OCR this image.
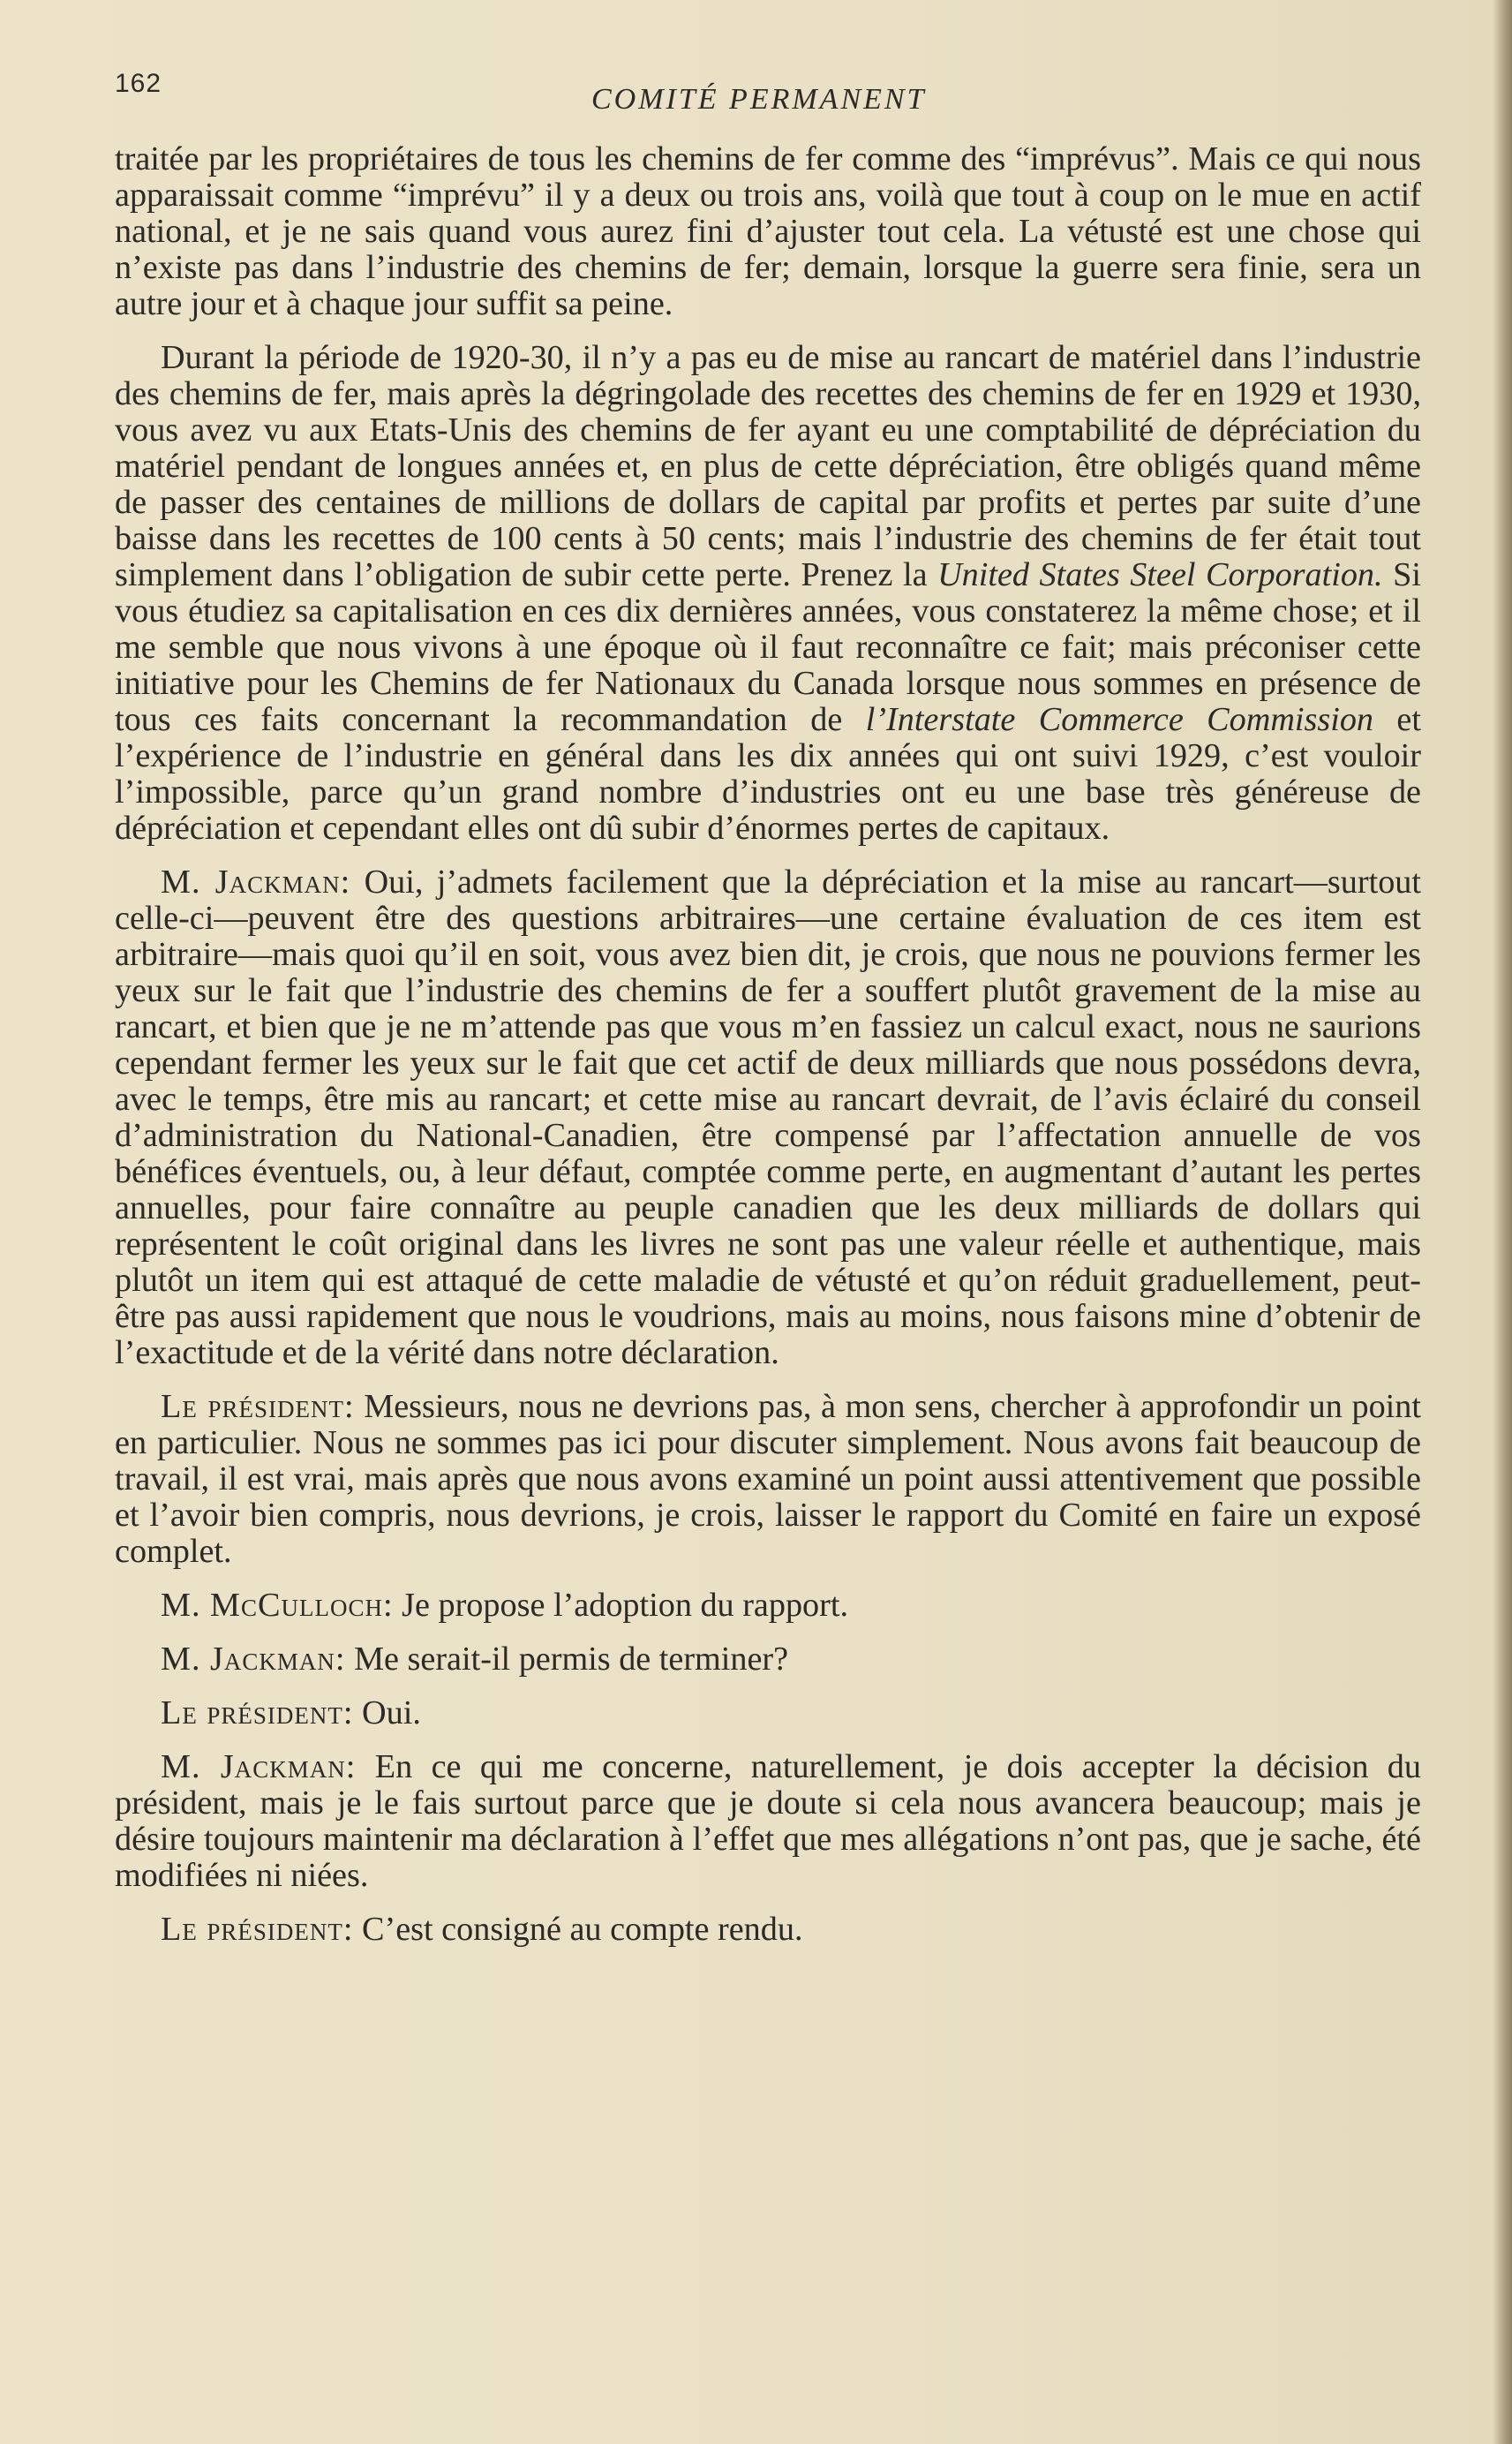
162	COMITÉ PERMANENT

traitée par les propriétaires de tous les chemins de fer comme des “imprévus”. Mais ce qui nous apparaissait comme “imprévu” il y a deux ou trois ans, voilà que tout à coup on le mue en actif national, et je ne sais quand vous aurez fini d’ajuster tout cela. La vétusté est une chose qui n’existe pas dans l’industrie des chemins de fer; demain, lorsque la guerre sera finie, sera un autre jour et à chaque jour suffit sa peine.

Durant la période de 1920-30, il n’y a pas eu de mise au rancart de matériel dans l’industrie des chemins de fer, mais après la dégringolade des recettes des chemins de fer en 1929 et 1930, vous avez vu aux Etats-Unis des chemins de fer ayant eu une comptabilité de dépréciation du matériel pendant de longues années et, en plus de cette dépréciation, être obligés quand même de passer des centaines de millions de dollars de capital par profits et pertes par suite d’une baisse dans les recettes de 100 cents à 50 cents; mais l’industrie des chemins de fer était tout simplement dans l’obligation de subir cette perte. Prenez la United States Steel Corporation. Si vous étudiez sa capitalisation en ces dix dernières années, vous constaterez la même chose; et il me semble que nous vivons à une époque où il faut reconnaître ce fait; mais préconiser cette initiative pour les Chemins de fer Nationaux du Canada lorsque nous sommes en présence de tous ces faits concernant la recommandation de l’Interstate Commerce Commission et l’expérience de l’industrie en général dans les dix années qui ont suivi 1929, c’est vouloir l’impossible, parce qu’un grand nombre d’industries ont eu une base très généreuse de dépréciation et cependant elles ont dû subir d’énormes pertes de capitaux.

M. Jackman: Oui, j’admets facilement que la dépréciation et la mise au rancart—surtout celle-ci—peuvent être des questions arbitraires—une certaine évaluation de ces item est arbitraire—mais quoi qu’il en soit, vous avez bien dit, je crois, que nous ne pouvions fermer les yeux sur le fait que l’industrie des chemins de fer a souffert plutôt gravement de la mise au rancart, et bien que je ne m’attende pas que vous m’en fassiez un calcul exact, nous ne saurions cependant fermer les yeux sur le fait que cet actif de deux milliards que nous possédons devra, avec le temps, être mis au rancart; et cette mise au rancart devrait, de l’avis éclairé du conseil d’administration du National-Canadien, être compensé par l’affectation annuelle de vos bénéfices éventuels, ou, à leur défaut, comptée comme perte, en augmentant d’autant les pertes annuelles, pour faire connaître au peuple canadien que les deux milliards de dollars qui représentent le coût original dans les livres ne sont pas une valeur réelle et authentique, mais plutôt un item qui est attaqué de cette maladie de vétusté et qu’on réduit graduellement, peut-être pas aussi rapidement que nous le voudrions, mais au moins, nous faisons mine d’obtenir de l’exactitude et de la vérité dans notre déclaration.

Le président: Messieurs, nous ne devrions pas, à mon sens, chercher à approfondir un point en particulier. Nous ne sommes pas ici pour discuter simplement. Nous avons fait beaucoup de travail, il est vrai, mais après que nous avons examiné un point aussi attentivement que possible et l’avoir bien compris, nous devrions, je crois, laisser le rapport du Comité en faire un exposé complet.

M. McCulloch: Je propose l’adoption du rapport.

M. Jackman: Me serait-il permis de terminer?

Le président: Oui.

M. Jackman: En ce qui me concerne, naturellement, je dois accepter la décision du président, mais je le fais surtout parce que je doute si cela nous avancera beaucoup; mais je désire toujours maintenir ma déclaration à l’effet que mes allégations n’ont pas, que je sache, été modifiées ni niées.

Le président: C’est consigné au compte rendu.
